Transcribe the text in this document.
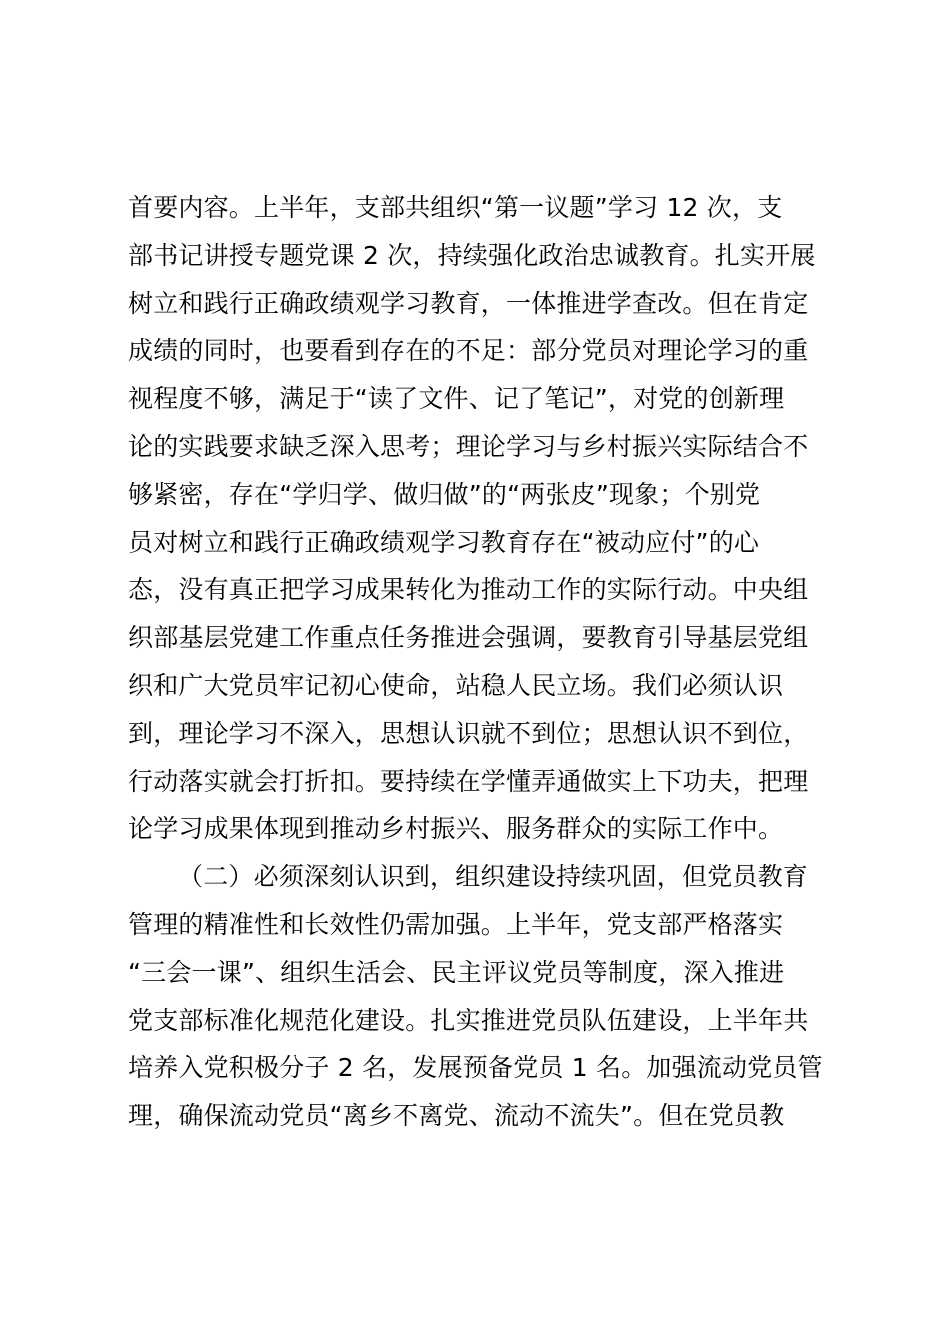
首要内容。上半年，支部共组织“第一议题”学习 12 次，支
部书记讲授专题党课 2 次，持续强化政治忠诚教育。扎实开展
树立和践行正确政绩观学习教育，一体推进学查改。但在肯定
成绩的同时，也要看到存在的不足：部分党员对理论学习的重
视程度不够，满足于“读了文件、记了笔记”，对党的创新理
论的实践要求缺乏深入思考；理论学习与乡村振兴实际结合不
够紧密，存在“学归学、做归做”的“两张皮”现象；个别党
员对树立和践行正确政绩观学习教育存在“被动应付”的心
态，没有真正把学习成果转化为推动工作的实际行动。中央组
织部基层党建工作重点任务推进会强调，要教育引导基层党组
织和广大党员牢记初心使命，站稳人民立场。我们必须认识
到，理论学习不深入，思想认识就不到位；思想认识不到位，
行动落实就会打折扣。要持续在学懂弄通做实上下功夫，把理
论学习成果体现到推动乡村振兴、服务群众的实际工作中。
（二）必须深刻认识到，组织建设持续巩固，但党员教育
管理的精准性和长效性仍需加强。上半年，党支部严格落实
“三会一课”、组织生活会、民主评议党员等制度，深入推进
党支部标准化规范化建设。扎实推进党员队伍建设，上半年共
培养入党积极分子 2 名，发展预备党员 1 名。加强流动党员管
理，确保流动党员“离乡不离党、流动不流失”。但在党员教
